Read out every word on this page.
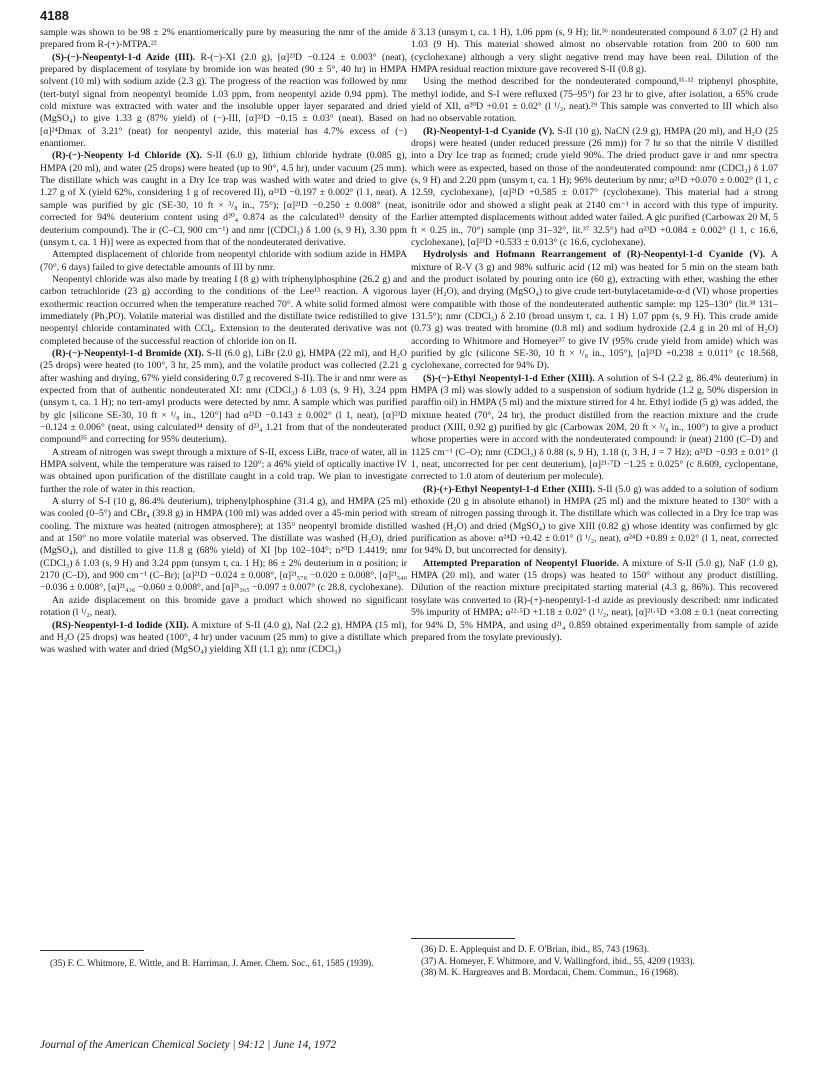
4188

sample was shown to be 98 ± 2% enantiomerically pure by measuring the nmr of the amide prepared from R-(+)-MTPA.²²

(S)-(−)-Neopentyl-1-d Azide (III). R-(−)-XI (2.0 g), [α]²³D −0.124 ± 0.003° (neat), prepared by displacement of tosylate by bromide ion was heated (90 ± 5°, 40 hr) in HMPA solvent (10 ml) with sodium azide (2.3 g). The progress of the reaction was followed by nmr (tert-butyl signal from neopentyl bromide 1.03 ppm, from neopentyl azide 0.94 ppm). The cold mixture was extracted with water and the insoluble upper layer separated and dried (MgSO₄) to give 1.33 g (87% yield) of (−)-III, [α]²³D −0.15 ± 0.03° (neat). Based on [α]²⁴Dmax of 3.21° (neat) for neopentyl azide, this material has 4.7% excess of (−) enantiomer.

(R)-(−)-Neopenty l-d Chloride (X). S-II (6.0 g), lithium chloride hydrate (0.085 g), HMPA (20 ml), and water (25 drops) were heated (up to 90°, 4.5 hr), under vacuum (25 mm). The distillate which was caught in a Dry Ice trap was washed with water and dried to give 1.27 g of X (yield 62%, considering 1 g of recovered II), α²¹D −0.197 ± 0.002° (l 1, neat). A sample was purified by glc (SE-30, 10 ft × ³/₈ in., 75°); [α]²¹D −0.250 ± 0.008° (neat, corrected for 94% deuterium content using d²⁰₄ 0.874 as the calculated³³ density of the deuterium compound). The ir (C–Cl, 900 cm⁻¹) and nmr [(CDCl₃) δ 1.00 (s, 9 H), 3.30 ppm (unsym t, ca. 1 H)] were as expected from that of the nondeuterated derivative.

Attempted displacement of chloride from neopentyl chloride with sodium azide in HMPA (70°, 6 days) failed to give detectable amounts of III by nmr.

Neopentyl chloride was also made by treating I (8 g) with triphenylphosphine (26.2 g) and carbon tetrachloride (23 g) according to the conditions of the Lee¹³ reaction. A vigorous exothermic reaction occurred when the temperature reached 70°. A white solid formed almost immediately (Ph₃PO). Volatile material was distilled and the distillate twice redistilled to give neopentyl chloride contaminated with CCl₄. Extension to the deuterated derivative was not completed because of the successful reaction of chloride ion on II.

(R)-(−)-Neopentyl-1-d Bromide (XI). S-II (6.0 g), LiBr (2.0 g), HMPA (22 ml), and H₂O (25 drops) were heated (to 100°, 3 hr, 25 mm), and the volatile product was collected (2.21 g after washing and drying, 67% yield considering 0.7 g recovered S-II). The ir and nmr were as expected from that of authentic nondeuterated XI: nmr (CDCl₃) δ 1.03 (s, 9 H), 3.24 ppm (unsym t, ca. 1 H); no tert-amyl products were detected by nmr. A sample which was purified by glc [silicone SE-30, 10 ft × ¹/₈ in., 120°] had α²³D −0.143 ± 0.002° (l 1, neat), [α]²³D −0.124 ± 0.006° (neat, using calculated³⁴ density of d²³₄ 1.21 from that of the nondeuterated compound³⁵ and correcting for 95% deuterium).

A stream of nitrogen was swept through a mixture of S-II, excess LiBr, trace of water, all in HMPA solvent, while the temperature was raised to 120°; a 46% yield of optically inactive IV was obtained upon purification of the distillate caught in a cold trap. We plan to investigate further the role of water in this reaction.

A slurry of S-I (10 g, 86.4% deuterium), triphenylphosphine (31.4 g), and HMPA (25 ml) was cooled (0–5°) and CBr₄ (39.8 g) in HMPA (100 ml) was added over a 45-min period with cooling. The mixture was heated (nitrogen atmosphere); at 135° neopentyl bromide distilled and at 150° no more volatile material was observed. The distillate was washed (H₂O), dried (MgSO₄), and distilled to give 11.8 g (68% yield) of XI [bp 102–104°; n²⁰D 1.4419; nmr (CDCl₃) δ 1.03 (s, 9 H) and 3.24 ppm (unsym t, ca. 1 H); 86 ± 2% deuterium in α position; ir 2170 (C–D), and 900 cm⁻¹ (C–Br); [α]²¹D −0.024 ± 0.008°, [α]²¹₅₇₈ −0.020 ± 0.008°, [α]²¹₅₄₆ −0.036 ± 0.008°, [α]²¹₄₃₆ −0.060 ± 0.008°, and [α]²¹₃₆₅ −0.097 ± 0.007° (c 28.8, cyclohexane).

An azide displacement on this bromide gave a product which showed no significant rotation (l ¹/₂, neat).

(RS)-Neopentyl-1-d Iodide (XII). A mixture of S-II (4.0 g), NaI (2.2 g), HMPA (15 ml), and H₂O (25 drops) was heated (100°, 4 hr) under vacuum (25 mm) to give a distillate which was washed with water and dried (MgSO₄) yielding XII (1.1 g); nmr (CDCl₃)

δ 3.13 (unsym t, ca. 1 H), 1.06 ppm (s, 9 H); lit.³⁶ nondeuterated compound δ 3.07 (2 H) and 1.03 (9 H). This material showed almost no observable rotation from 200 to 600 nm (cyclohexane) although a very slight negative trend may have been real. Dilution of the HMPA residual reaction mixture gave recovered S-II (0.8 g).

Using the method described for the nondeuterated compound,¹¹·¹² triphenyl phosphite, methyl iodide, and S-I were refluxed (75–95°) for 23 hr to give, after isolation, a 65% crude yield of XII, α²⁰D +0.01 ± 0.02° (l ¹/₂, neat).²⁹ This sample was converted to III which also had no observable rotation.

(R)-Neopentyl-1-d Cyanide (V). S-II (10 g), NaCN (2.9 g), HMPA (20 ml), and H₂O (25 drops) were heated (under reduced pressure (26 mm)) for 7 hr so that the nitrile V distilled into a Dry Ice trap as formed; crude yield 90%. The dried product gave ir and nmr spectra which were as expected, based on those of the nondeuterated compound: nmr (CDCl₃) δ 1.07 (s, 9 H) and 2.20 ppm (unsym t, ca. 1 H); 96% deuterium by nmr; α²¹D +0.070 ± 0.002° (l 1, c 12.59, cyclohexane), [α]²¹D +0.585 ± 0.017° (cyclohexane). This material had a strong isonitrile odor and showed a slight peak at 2140 cm⁻¹ in accord with this type of impurity. Earlier attempted displacements without added water failed. A glc purified (Carbowax 20 M, 5 ft × 0.25 in., 70°) sample (mp 31–32°, lit.³⁷ 32.5°) had α²³D +0.084 ± 0.002° (l 1, c 16.6, cyclohexane), [α]²³D +0.533 ± 0.013° (c 16.6, cyclohexane).

Hydrolysis and Hofmann Rearrangement of (R)-Neopentyl-1-d Cyanide (V). A mixture of R-V (3 g) and 98% sulfuric acid (12 ml) was heated for 5 min on the steam bath and the product isolated by pouring onto ice (60 g), extracting with ether, washing the ether layer (H₂O), and drying (MgSO₄) to give crude tert-butylacetamide-α-d (VI) whose properties were compatible with those of the nondeuterated authentic sample: mp 125–130° (lit.³⁸ 131–131.5°); nmr (CDCl₃) δ 2.10 (broad unsym t, ca. 1 H) 1.07 ppm (s, 9 H). This crude amide (0.73 g) was treated with bromine (0.8 ml) and sodium hydroxide (2.4 g in 20 ml of H₂O) according to Whitmore and Homeyer³⁷ to give IV (95% crude yield from amide) which was purified by glc (silicone SE-30, 10 ft × ¹/₈ in., 105°), [α]²¹D +0.238 ± 0.011° (c 18.568, cyclohexane, corrected for 94% D).

(S)-(−)-Ethyl Neopentyl-1-d Ether (XIII). A solution of S-I (2.2 g, 86.4% deuterium) in HMPA (3 ml) was slowly added to a suspension of sodium hydride (1.2 g, 50% dispersion in paraffin oil) in HMPA (5 ml) and the mixture stirred for 4 hr. Ethyl iodide (5 g) was added, the mixture heated (70°, 24 hr), the product distilled from the reaction mixture and the crude product (XIII, 0.92 g) purified by glc (Carbowax 20M, 20 ft × ³/₈ in., 100°) to give a product whose properties were in accord with the nondeuterated compound: ir (neat) 2100 (C–D) and 1125 cm⁻¹ (C–O); nmr (CDCl₃) δ 0.88 (s, 9 H), 1.18 (t, 3 H, J = 7 Hz); α²³D −0.93 ± 0.01° (l 1, neat, uncorrected for per cent deuterium), [α]²¹·⁷D −1.25 ± 0.025° (c 8.609, cyclopentane, corrected to 1.0 atom of deuterium per molecule).

(R)-(+)-Ethyl Neopentyl-1-d Ether (XIII). S-II (5.0 g) was added to a solution of sodium ethoxide (20 g in absolute ethanol) in HMPA (25 ml) and the mixture heated to 130° with a stream of nitrogen passing through it. The distillate which was collected in a Dry Ice trap was washed (H₂O) and dried (MgSO₄) to give XIII (0.82 g) whose identity was confirmed by glc purification as above: α²⁴D +0.42 ± 0.01° (l ¹/₂, neat), α²⁴D +0.89 ± 0.02° (l 1, neat, corrected for 94% D, but uncorrected for density).

Attempted Preparation of Neopentyl Fluoride. A mixture of S-II (5.0 g), NaF (1.0 g), HMPA (20 ml), and water (15 drops) was heated to 150° without any product distilling. Dilution of the reaction mixture precipitated starting material (4.3 g, 86%). This recovered tosylate was converted to (R)-(+)-neopentyl-1-d azide as previously described: nmr indicated 5% impurity of HMPA; α²²·⁵D +1.18 ± 0.02° (l ¹/₂, neat), [α]²¹·⁵D +3.08 ± 0.1 (neat correcting for 94% D, 5% HMPA, and using d²¹₄ 0.859 obtained experimentally from sample of azide prepared from the tosylate previously).

(35) F. C. Whitmore, E. Wittle, and B. Harriman, J. Amer. Chem. Soc., 61, 1585 (1939).

(36) D. E. Applequist and D. F. O'Brian, ibid., 85, 743 (1963).

(37) A. Homeyer, F. Whitmore, and V. Wallingford, ibid., 55, 4209 (1933).

(38) M. K. Hargreaves and B. Mordacai, Chem. Commun., 16 (1968).

Journal of the American Chemical Society | 94:12 | June 14, 1972
